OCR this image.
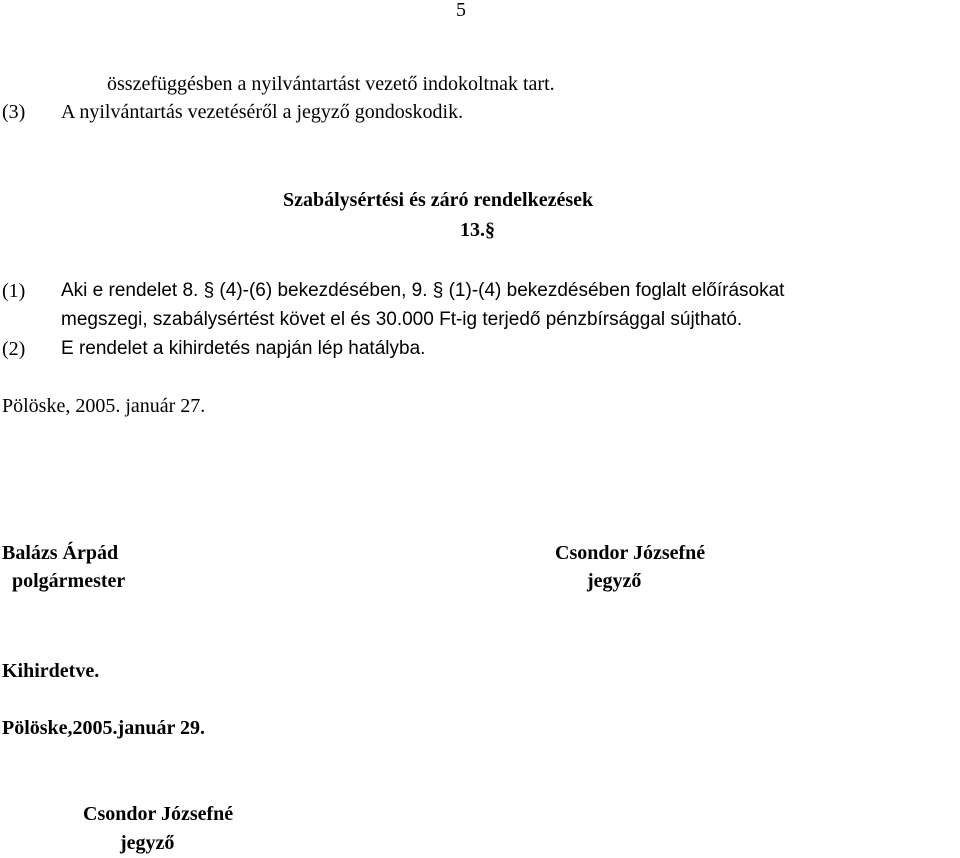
5
összefüggésben a nyilvántartást vezető indokoltnak tart.
(3) A nyilvántartás vezetéséről a jegyző gondoskodik.
Szabálysértési és záró rendelkezések
13.§
(1) Aki e rendelet 8. § (4)-(6) bekezdésében, 9. § (1)-(4) bekezdésében foglalt előírásokat
megszegi, szabálysértést követ el és 30.000 Ft-ig terjedő pénzbírsággal sújtható.
(2) E rendelet a kihirdetés napján lép hatályba.
Pölöske, 2005. január 27.
Balázs Árpád
polgármester
Csondor Józsefné
jegyző
Kihirdetve.
Pölöske,2005.január 29.
Csondor Józsefné
jegyző
